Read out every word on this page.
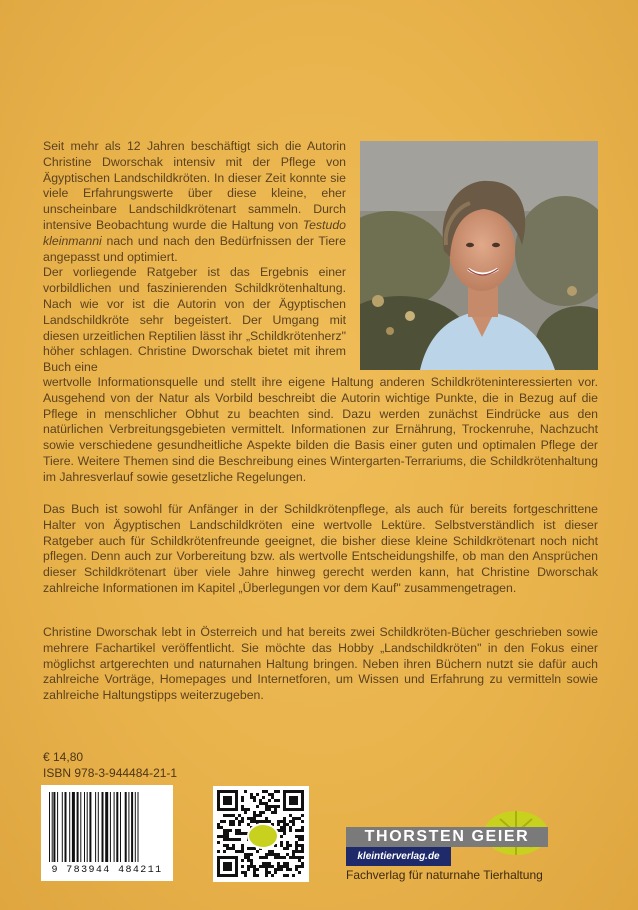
Seit mehr als 12 Jahren beschäftigt sich die Autorin Christine Dworschak intensiv mit der Pflege von Ägyptischen Landschildkröten. In dieser Zeit konnte sie viele Erfahrungswerte über diese kleine, eher unscheinbare Landschildkrötenart sammeln. Durch intensive Beobachtung wurde die Haltung von Testudo kleinmanni nach und nach den Bedürfnissen der Tiere angepasst und optimiert.

Der vorliegende Ratgeber ist das Ergebnis einer vorbildlichen und faszinierenden Schildkrötenhaltung. Nach wie vor ist die Autorin von der Ägyptischen Landschildkröte sehr begeistert. Der Umgang mit diesen urzeitlichen Reptilien lässt ihr „Schildkrötenherz" höher schlagen. Christine Dworschak bietet mit ihrem Buch eine

wertvolle Informationsquelle und stellt ihre eigene Haltung anderen Schildkröteninteressierten vor. Ausgehend von der Natur als Vorbild beschreibt die Autorin wichtige Punkte, die in Bezug auf die Pflege in menschlicher Obhut zu beachten sind. Dazu werden zunächst Eindrücke aus den natürlichen Verbreitungsgebieten vermittelt. Informationen zur Ernährung, Trockenruhe, Nachzucht sowie verschiedene gesundheitliche Aspekte bilden die Basis einer guten und optimalen Pflege der Tiere. Weitere Themen sind die Beschreibung eines Wintergarten-Terrariums, die Schildkrötenhaltung im Jahresverlauf sowie gesetzliche Regelungen.

Das Buch ist sowohl für Anfänger in der Schildkrötenpflege, als auch für bereits fortgeschrittene Halter von Ägyptischen Landschildkröten eine wertvolle Lektüre. Selbstverständlich ist dieser Ratgeber auch für Schildkrötenfreunde geeignet, die bisher diese kleine Schildkrötenart noch nicht pflegen. Denn auch zur Vorbereitung bzw. als wertvolle Entscheidungshilfe, ob man den Ansprüchen dieser Schildkrötenart über viele Jahre hinweg gerecht werden kann, hat Christine Dworschak zahlreiche Informationen im Kapitel „Überlegungen vor dem Kauf" zusammengetragen.

Christine Dworschak lebt in Österreich und hat bereits zwei Schildkröten-Bücher geschrieben sowie mehrere Fachartikel veröffentlicht. Sie möchte das Hobby „Landschildkröten" in den Fokus einer möglichst artgerechten und naturnahen Haltung bringen. Neben ihren Büchern nutzt sie dafür auch zahlreiche Vorträge, Homepages und Internetforen, um Wissen und Erfahrung zu vermitteln sowie zahlreiche Haltungstipps weiterzugeben.

€ 14,80
ISBN 978-3-944484-21-1
9 783944 484211
THORSTEN GEIER
kleintierverlag.de
Fachverlag für naturnahe Tierhaltung
